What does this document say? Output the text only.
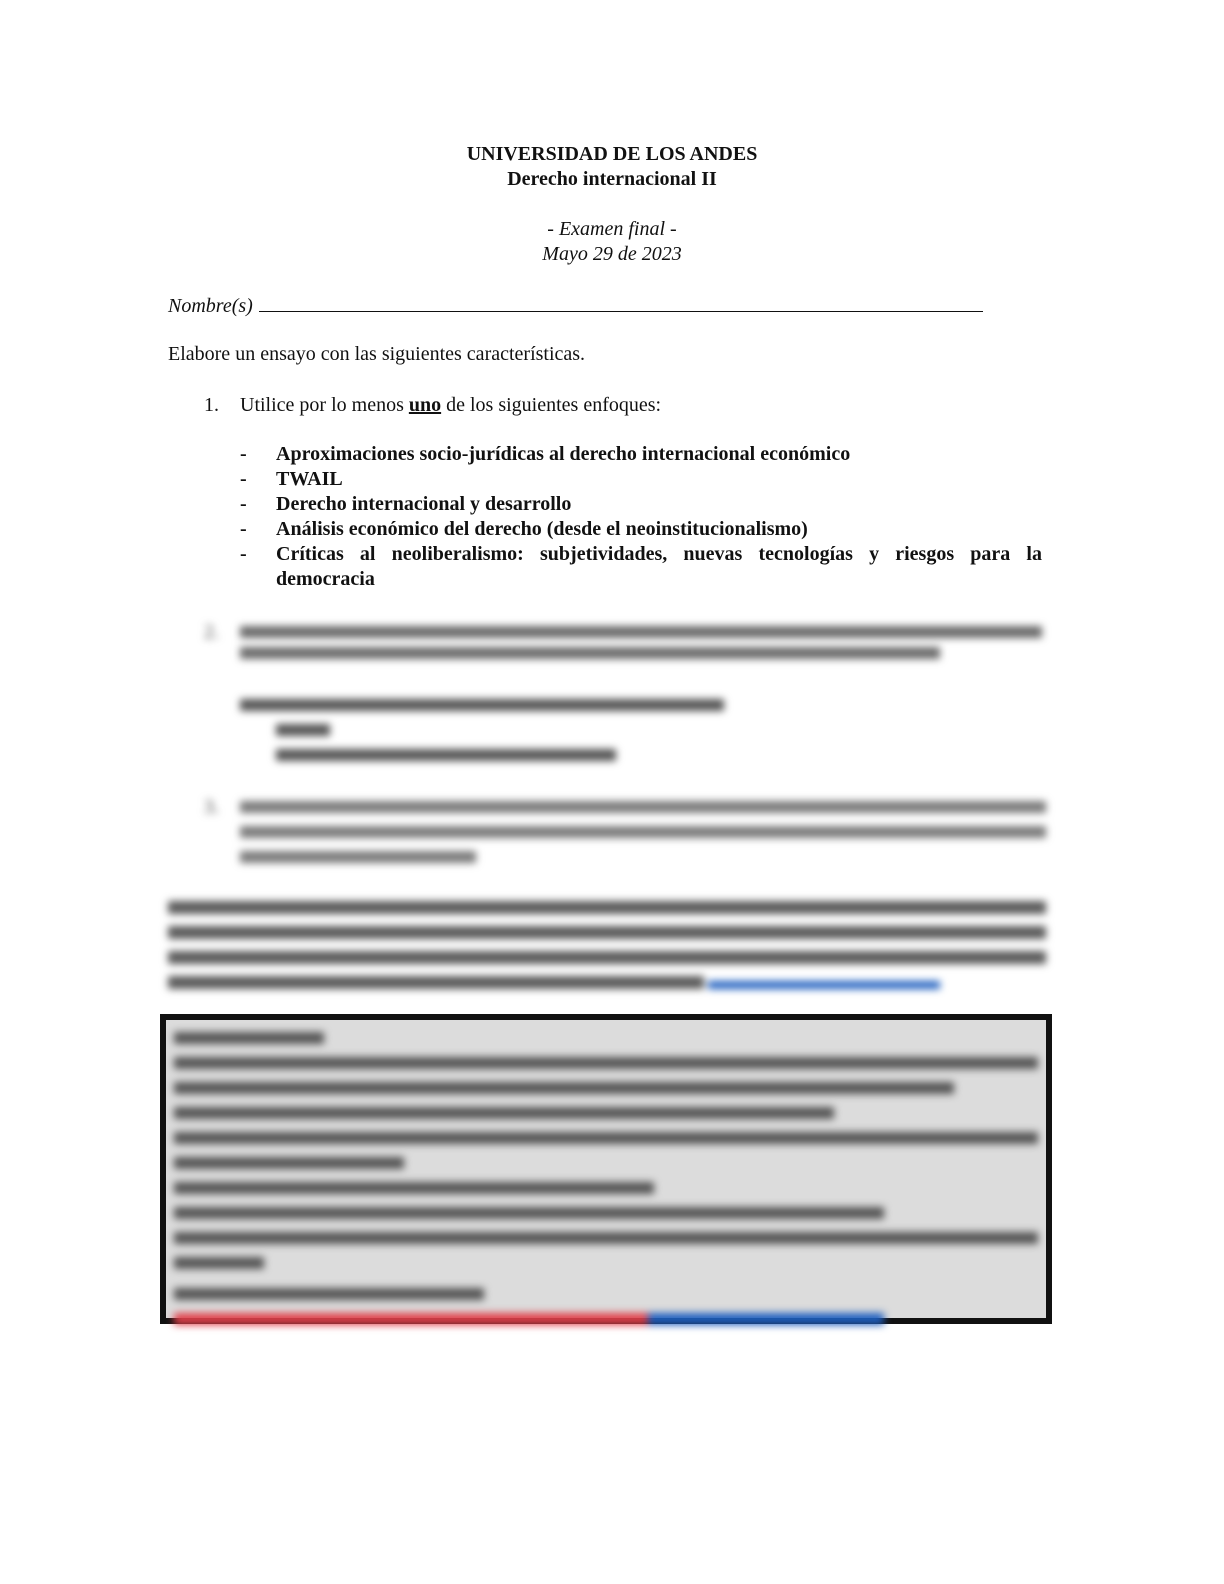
UNIVERSIDAD DE LOS ANDES
Derecho internacional II
- Examen final -
Mayo 29 de 2023
Nombre(s)
Elabore un ensayo con las siguientes características.
1. Utilice por lo menos uno de los siguientes enfoques:
- Aproximaciones socio-jurídicas al derecho internacional económico
- TWAIL
- Derecho internacional y desarrollo
- Análisis económico del derecho (desde el neoinstitucionalismo)
- Críticas al neoliberalismo: subjetividades, nuevas tecnologías y riesgos para la democracia
2.
3.
